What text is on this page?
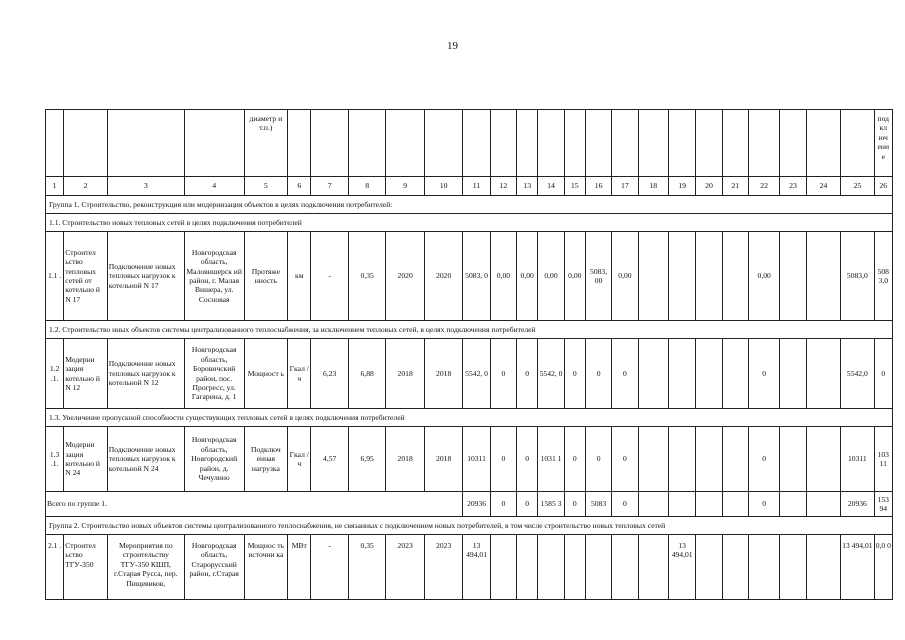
19
				диаметр и т.п.)																					под кл юч ени е
1	2	3	4	5	6	7	8	9	10	11	12	13	14	15	16	17	18	19	20	21	22	23	24	25	26
Группа 1. Строительство, реконструкция или модернизация объектов в целях подключения потребителей:																									
1.1. Строительство новых тепловых сетей в целях подключения потребителей																									
1.1 .	Строител ьство тепловых сетей от котельно й N 17	Подключение новых тепловых нагрузок к котельной N 17	Новгородская область, Маловишерск ий район, г. Малая Вишера, ул. Сосновая	Протяже нность	км	-	0,35	2020	2020	5083, 0	0,00	0,00	0,00	0,00	5083, 00	0,00					0,00			5083,0	508 3,0
1.2. Строительство иных объектов системы централизованного теплоснабжения, за исключением тепловых сетей, в целях подключения потребителей																									
1.2 .1.	Модерни зация котельно й N 12	Подключение новых тепловых нагрузок к котельной N 12	Новгородская область, Боровичский район, пос. Прогресс, ул. Гагарина, д. 1	Мощност ь	Гкал /ч	6,23	6,88	2018	2018	5542, 0	0	0	5542, 0	0	0	0					0			5542,0	0
1.3. Увеличение пропускной способности существующих тепловых сетей в целях подключения потребителей																									
1.3 .1.	Модерни зация котельно й N 24	Подключение новых тепловых нагрузок к котельной N 24	Новгородская область, Новгородский район, д. Чечулино	Подключ енная нагрузка	Гкал /ч	4,57	6,95	2018	2018	10311	0	0	1031 1	0	0	0					0			10311	103 11
Всего по группе 1.										20936	0	0	1585 3	0	5083	0					0			20936	153 94
Группа 2. Строительство новых объектов системы централизованного теплоснабжения, не связанных с подключением новых потребителей, в том числе строительство новых тепловых сетей																									
2.1 .	Строител ьство ТГУ-350	Мероприятия по строительству ТГУ-350 КШП, г.Старая Русса, пер. Пищевиков,	Новгородская область, Старорусский район, г.Старая	Мощнос ть источни ка	МВт	-	0,35	2023	2023	13 494,01								13 494,01						13 494,01	0,0 0
